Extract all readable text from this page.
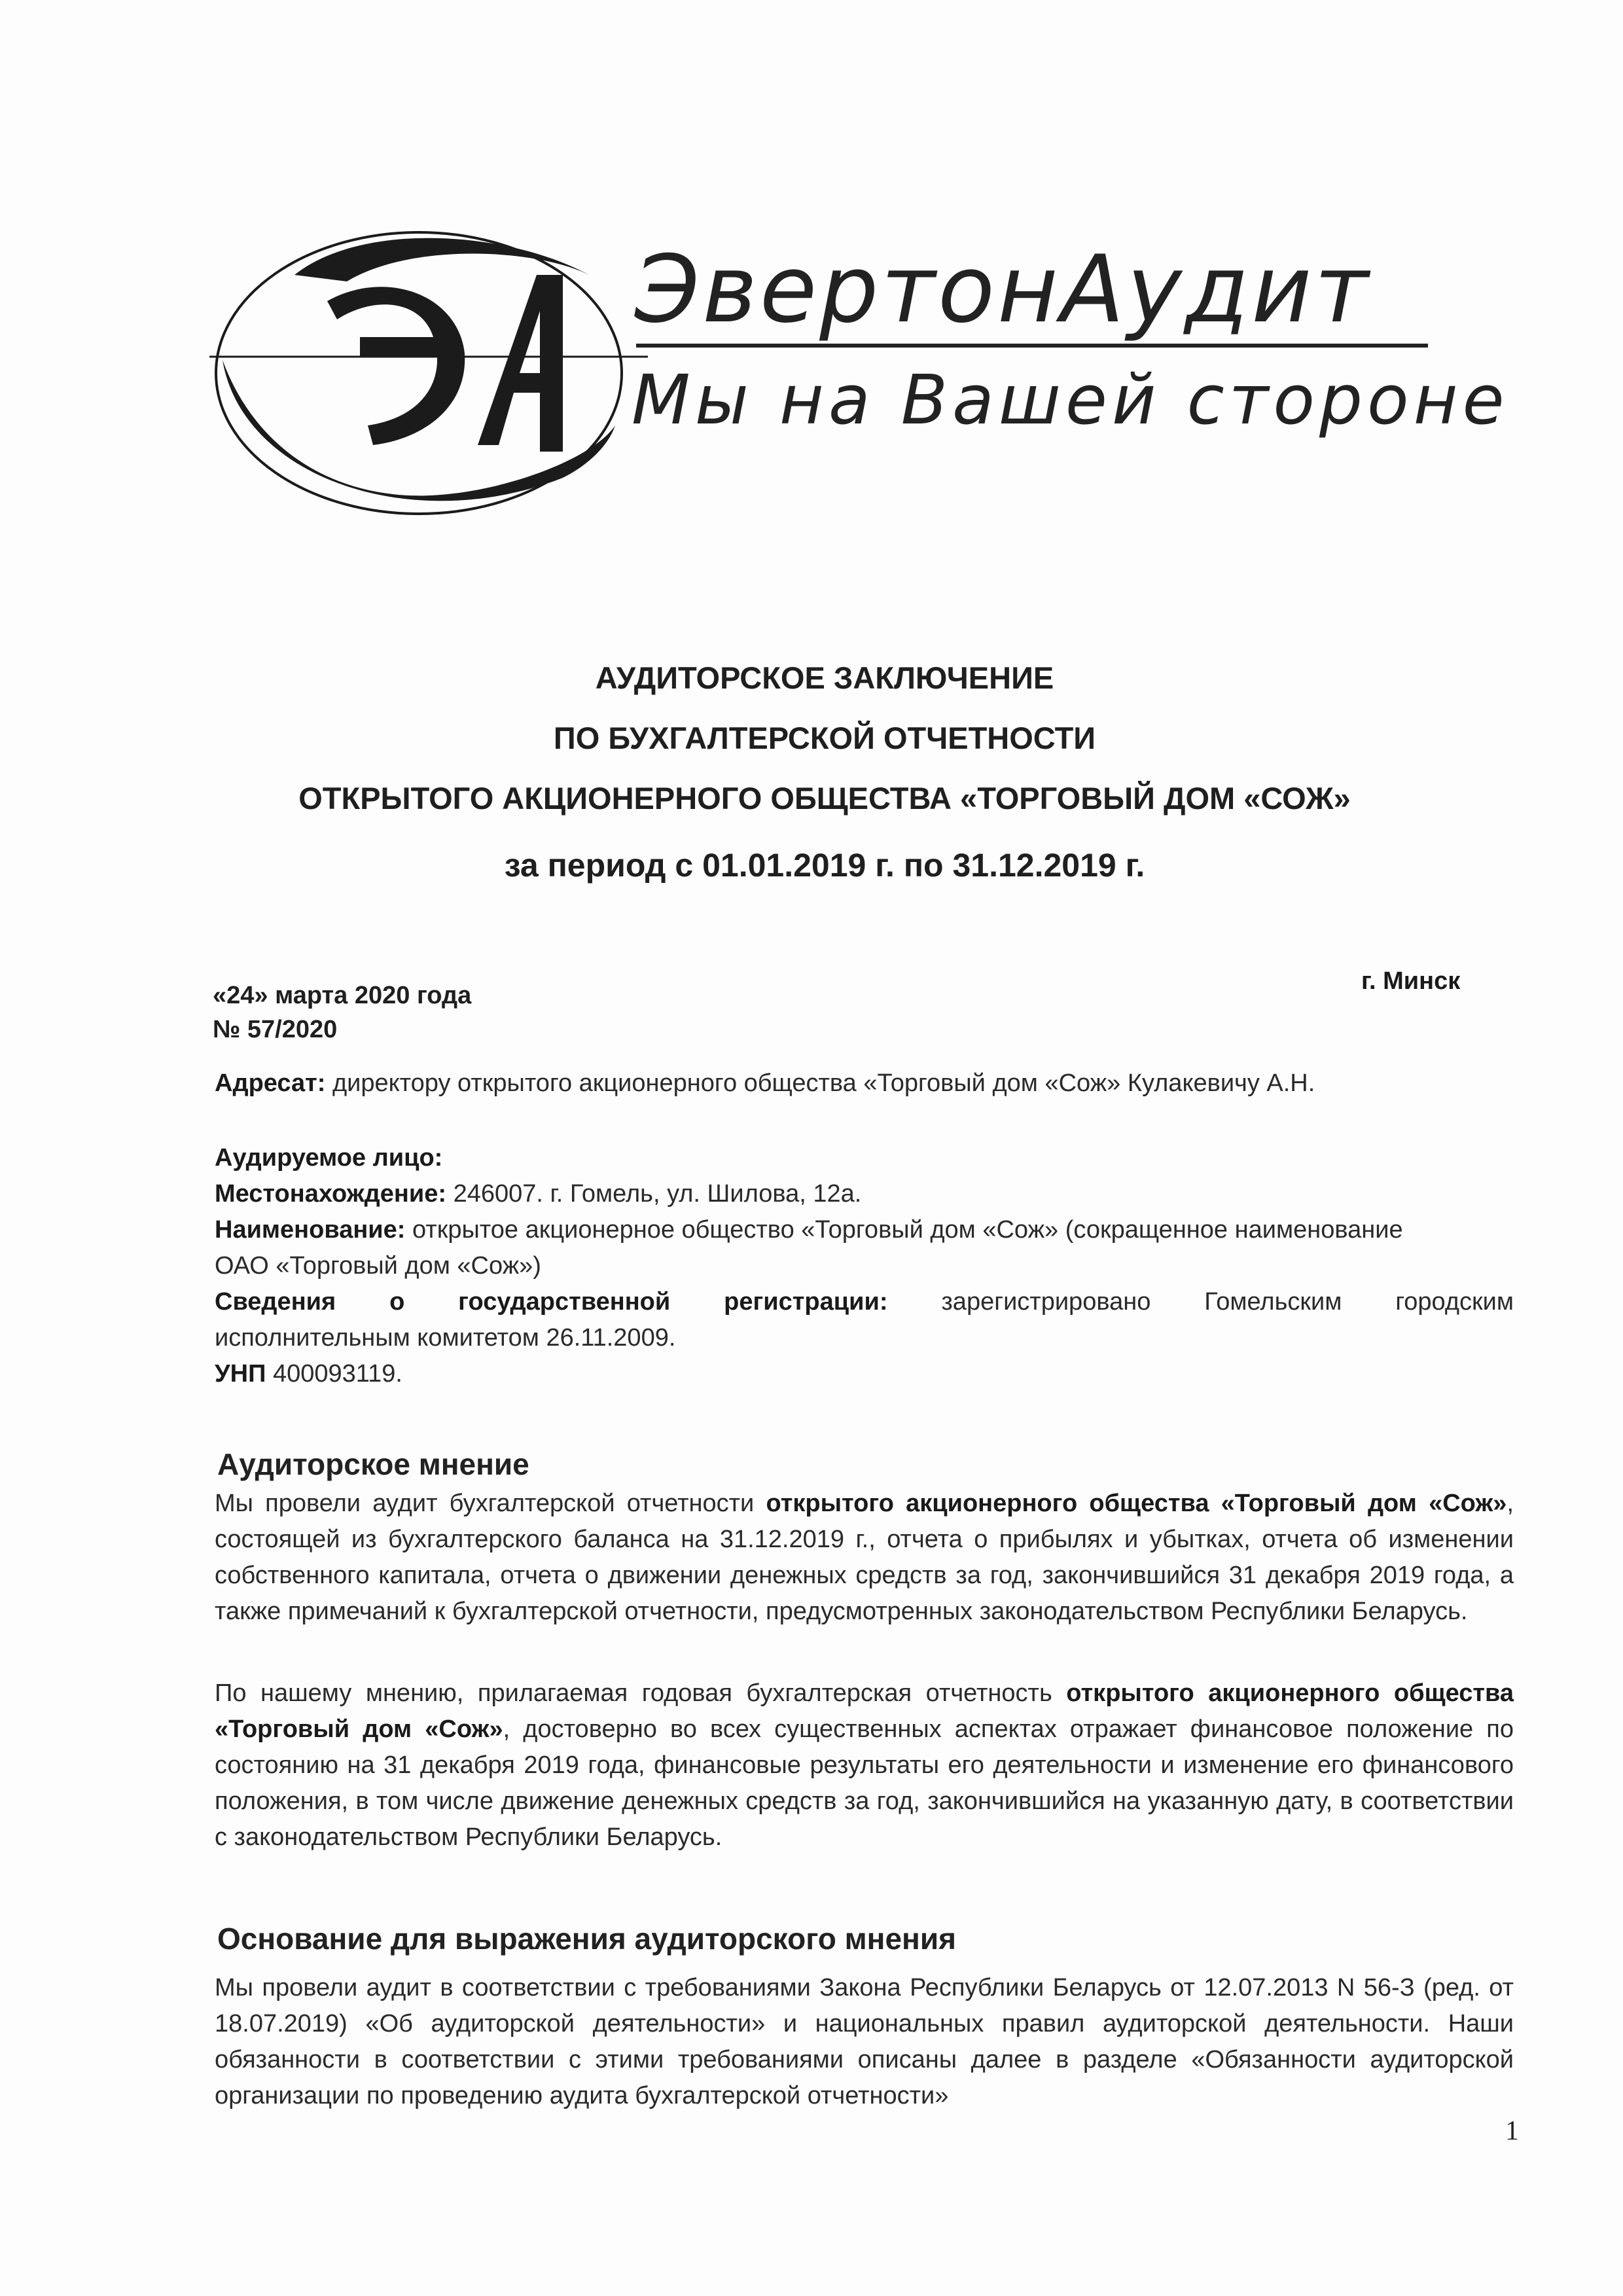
ЭвертонАудит
Мы на Вашей стороне
АУДИТОРСКОЕ ЗАКЛЮЧЕНИЕ
ПО БУХГАЛТЕРСКОЙ ОТЧЕТНОСТИ
ОТКРЫТОГО АКЦИОНЕРНОГО ОБЩЕСТВА «ТОРГОВЫЙ ДОМ «СОЖ»
за период с 01.01.2019 г. по 31.12.2019 г.
«24» марта 2020 года
№ 57/2020
г. Минск
Адресат: директору открытого акционерного общества «Торговый дом «Сож» Кулакевичу А.Н.
Аудируемое лицо:
Местонахождение: 246007. г. Гомель, ул. Шилова, 12а.
Наименование: открытое акционерное общество «Торговый дом «Сож» (сокращенное наименование
ОАО «Торговый дом «Сож»)
Сведения о государственной регистрации: зарегистрировано Гомельским городским
исполнительным комитетом 26.11.2009.
УНП 400093119.
Аудиторское мнение
Мы провели аудит бухгалтерской отчетности открытого акционерного общества «Торговый дом «Сож», состоящей из бухгалтерского баланса на 31.12.2019 г., отчета о прибылях и убытках, отчета об изменении собственного капитала, отчета о движении денежных средств за год, закончившийся 31 декабря 2019 года, а также примечаний к бухгалтерской отчетности, предусмотренных законодательством Республики Беларусь.
По нашему мнению, прилагаемая годовая бухгалтерская отчетность открытого акционерного общества «Торговый дом «Сож», достоверно во всех существенных аспектах отражает финансовое положение по состоянию на 31 декабря 2019 года, финансовые результаты его деятельности и изменение его финансового положения, в том числе движение денежных средств за год, закончившийся на указанную дату, в соответствии с законодательством Республики Беларусь.
Основание для выражения аудиторского мнения
Мы провели аудит в соответствии с требованиями Закона Республики Беларусь от 12.07.2013 N 56-З (ред. от 18.07.2019) «Об аудиторской деятельности» и национальных правил аудиторской деятельности. Наши обязанности в соответствии с этими требованиями описаны далее в разделе «Обязанности аудиторской организации по проведению аудита бухгалтерской отчетности»
1
